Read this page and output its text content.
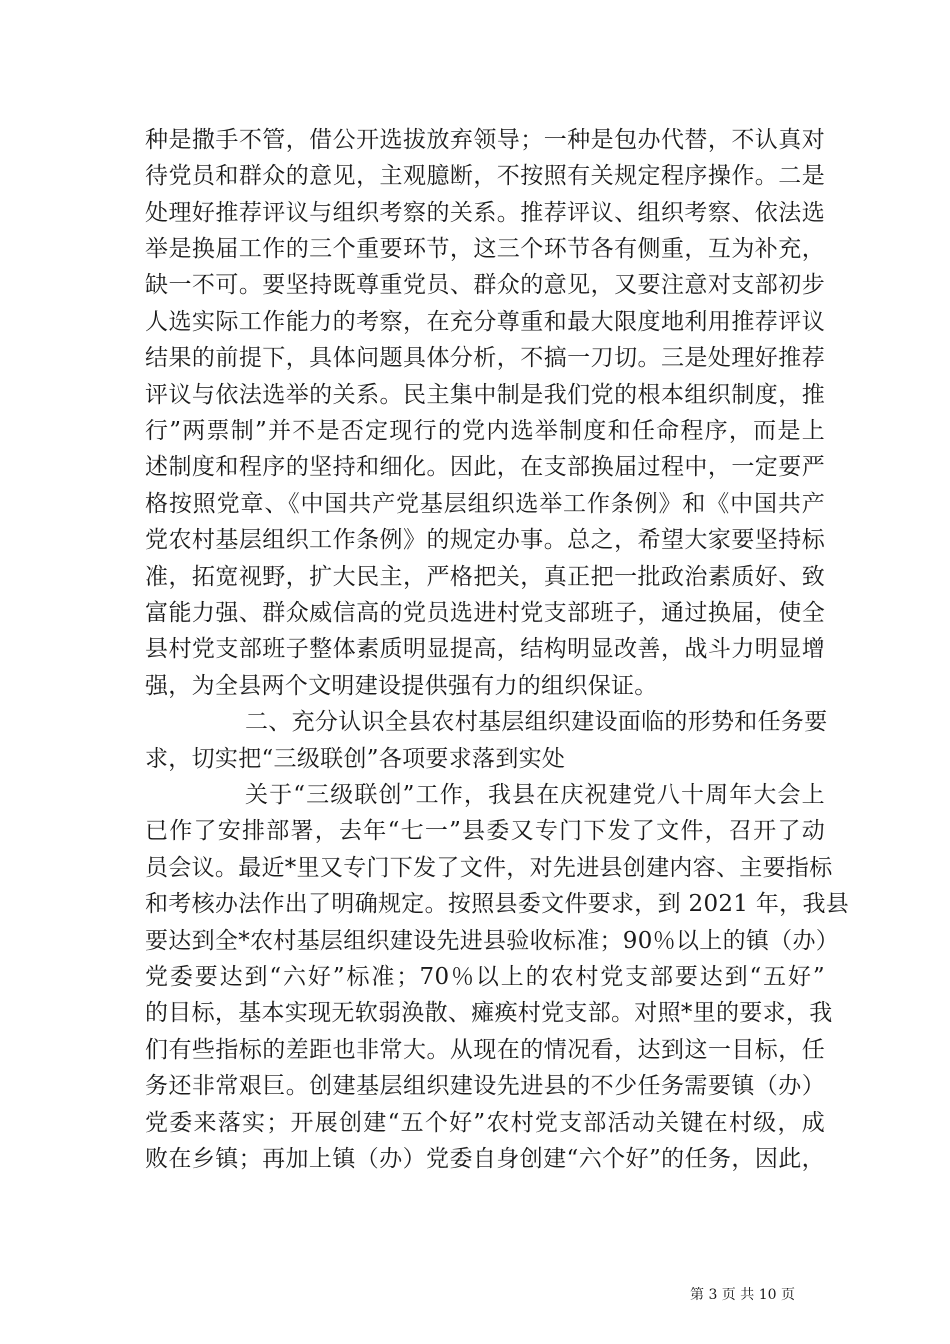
种是撒手不管，借公开选拔放弃领导；一种是包办代替，不认真对
待党员和群众的意见，主观臆断，不按照有关规定程序操作。二是
处理好推荐评议与组织考察的关系。推荐评议、组织考察、依法选
举是换届工作的三个重要环节，这三个环节各有侧重，互为补充，
缺一不可。要坚持既尊重党员、群众的意见，又要注意对支部初步
人选实际工作能力的考察，在充分尊重和最大限度地利用推荐评议
结果的前提下，具体问题具体分析，不搞一刀切。三是处理好推荐
评议与依法选举的关系。民主集中制是我们党的根本组织制度，推
行”两票制”并不是否定现行的党内选举制度和任命程序，而是上
述制度和程序的坚持和细化。因此，在支部换届过程中，一定要严
格按照党章、《中国共产党基层组织选举工作条例》和《中国共产
党农村基层组织工作条例》的规定办事。总之，希望大家要坚持标
准，拓宽视野，扩大民主，严格把关，真正把一批政治素质好、致
富能力强、群众威信高的党员选进村党支部班子，通过换届，使全
县村党支部班子整体素质明显提高，结构明显改善，战斗力明显增
强，为全县两个文明建设提供强有力的组织保证。
二、充分认识全县农村基层组织建设面临的形势和任务要
求，切实把“三级联创”各项要求落到实处
关于“三级联创”工作，我县在庆祝建党八十周年大会上
已作了安排部署，去年“七一”县委又专门下发了文件，召开了动
员会议。最近*里又专门下发了文件，对先进县创建内容、主要指标
和考核办法作出了明确规定。按照县委文件要求，到 2021 年，我县
要达到全*农村基层组织建设先进县验收标准；90％以上的镇（办）
党委要达到“六好”标准；70％以上的农村党支部要达到“五好”
的目标，基本实现无软弱涣散、瘫痪村党支部。对照*里的要求，我
们有些指标的差距也非常大。从现在的情况看，达到这一目标，任
务还非常艰巨。创建基层组织建设先进县的不少任务需要镇（办）
党委来落实；开展创建“五个好”农村党支部活动关键在村级，成
败在乡镇；再加上镇（办）党委自身创建“六个好”的任务，因此，
第 3 页 共 10 页
